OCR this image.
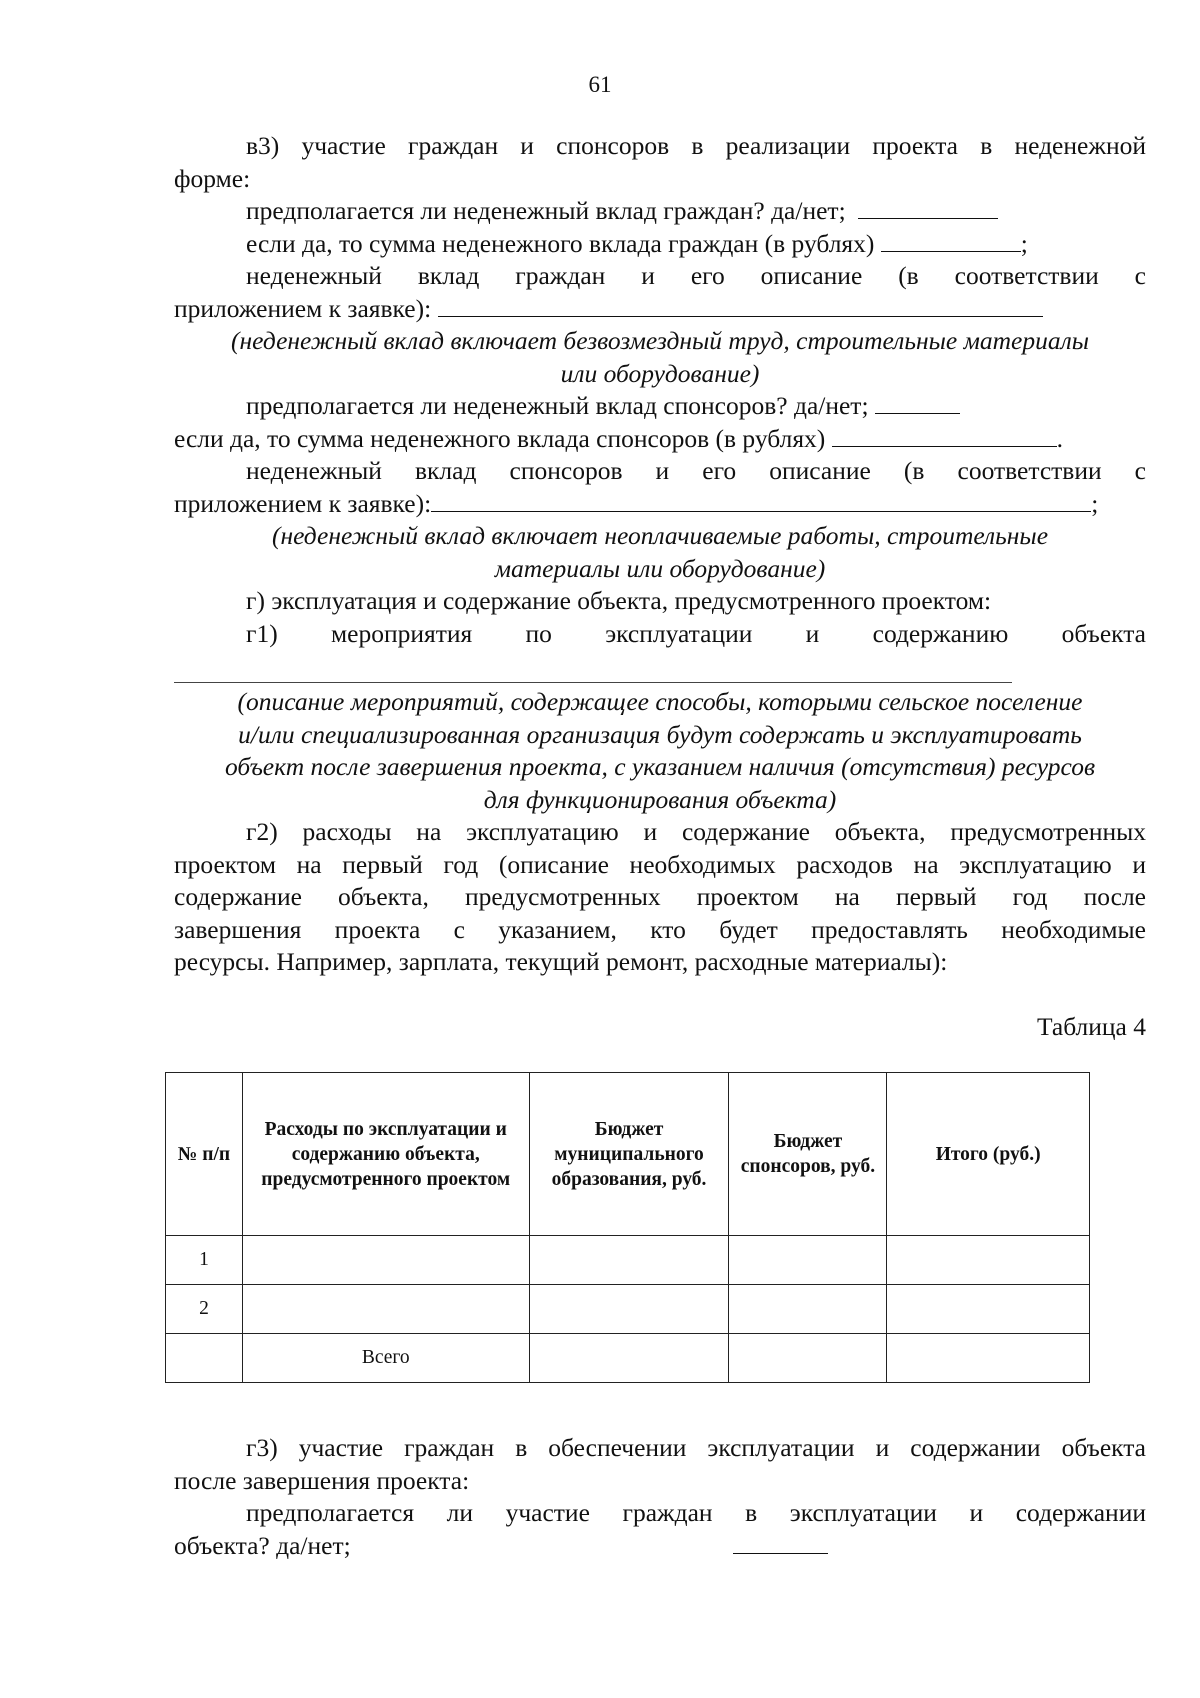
61
в3) участие граждан и спонсоров в реализации проекта в неденежной
форме:
предполагается ли неденежный вклад граждан? да/нет;
если да, то сумма неденежного вклада граждан (в рублях)	;
неденежный вклад граждан и его описание (в соответствии с
приложением к заявке):
(неденежный вклад включает безвозмездный труд, строительные материалы
или оборудование)
предполагается ли неденежный вклад спонсоров? да/нет;
если да, то сумма неденежного вклада спонсоров (в рублях)	.
неденежный вклад спонсоров и его описание (в соответствии с
приложением к заявке):	;
(неденежный вклад включает неоплачиваемые работы, строительные
материалы или оборудование)
г) эксплуатация и содержание объекта, предусмотренного проектом:
г1) мероприятия по эксплуатации и содержанию объекта
(описание мероприятий, содержащее способы, которыми сельское поселение
и/или специализированная организация будут содержать и эксплуатировать
объект после завершения проекта, с указанием наличия (отсутствия) ресурсов
для функционирования объекта)
г2) расходы на эксплуатацию и содержание объекта, предусмотренных
проектом на первый год (описание необходимых расходов на эксплуатацию и
содержание объекта, предусмотренных проектом на первый год после
завершения проекта с указанием, кто будет предоставлять необходимые
ресурсы. Например, зарплата, текущий ремонт, расходные материалы):
Таблица 4
№ п/п	Расходы по эксплуатации и содержанию объекта, предусмотренного проектом	Бюджет муниципального образования, руб.	Бюджет спонсоров, руб.	Итого (руб.)
1				
2				
	Всего			
г3) участие граждан в обеспечении эксплуатации и содержании объекта
после завершения проекта:
предполагается ли участие граждан в эксплуатации и содержании
объекта? да/нет;
